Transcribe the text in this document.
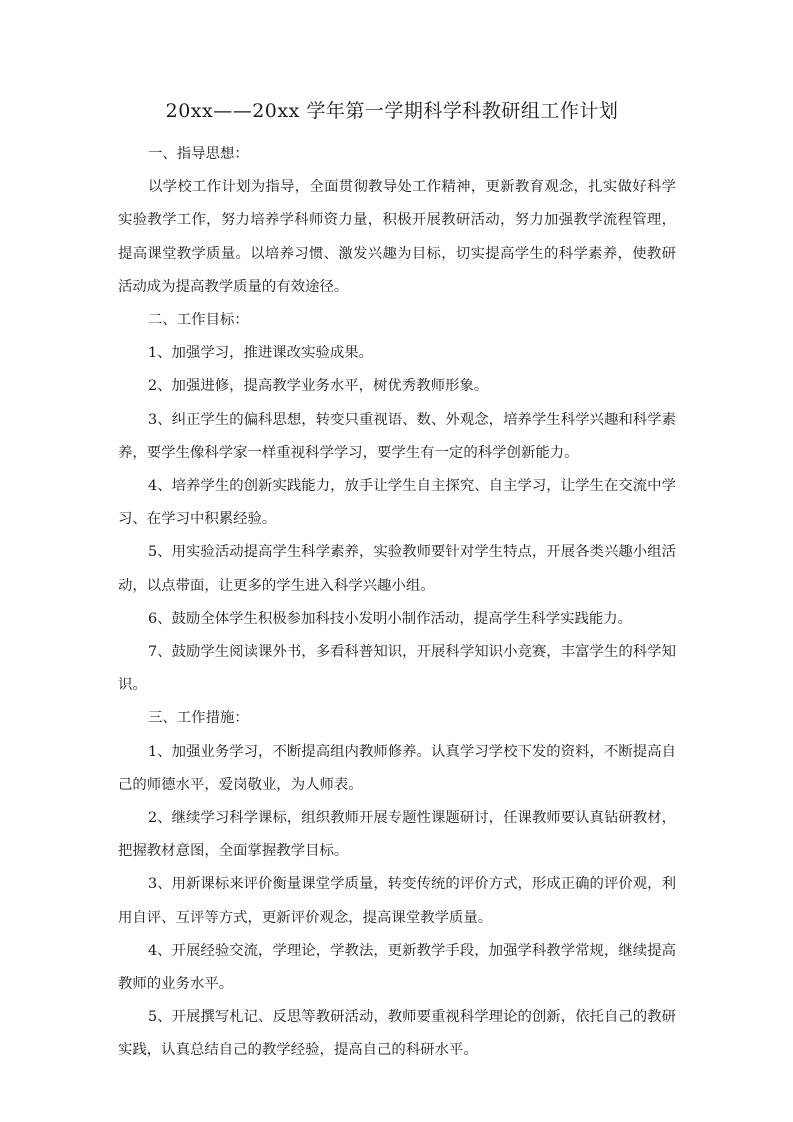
20xx——20xx 学年第一学期科学科教研组工作计划

一、指导思想：

以学校工作计划为指导，全面贯彻教导处工作精神，更新教育观念，扎实做好科学实验教学工作，努力培养学科师资力量，积极开展教研活动，努力加强教学流程管理，提高课堂教学质量。以培养习惯、激发兴趣为目标，切实提高学生的科学素养，使教研活动成为提高教学质量的有效途径。

二、工作目标：

1、加强学习，推进课改实验成果。

2、加强进修，提高教学业务水平，树优秀教师形象。

3、纠正学生的偏科思想，转变只重视语、数、外观念，培养学生科学兴趣和科学素养，要学生像科学家一样重视科学学习，要学生有一定的科学创新能力。

4、培养学生的创新实践能力，放手让学生自主探究、自主学习，让学生在交流中学习、在学习中积累经验。

5、用实验活动提高学生科学素养，实验教师要针对学生特点，开展各类兴趣小组活动，以点带面，让更多的学生进入科学兴趣小组。

6、鼓励全体学生积极参加科技小发明小制作活动，提高学生科学实践能力。

7、鼓励学生阅读课外书，多看科普知识，开展科学知识小竞赛，丰富学生的科学知识。

三、工作措施：

1、加强业务学习，不断提高组内教师修养。认真学习学校下发的资料，不断提高自己的师德水平，爱岗敬业，为人师表。

2、继续学习科学课标，组织教师开展专题性课题研讨，任课教师要认真钻研教材，把握教材意图，全面掌握教学目标。

3、用新课标来评价衡量课堂学质量，转变传统的评价方式，形成正确的评价观，利用自评、互评等方式，更新评价观念，提高课堂教学质量。

4、开展经验交流，学理论，学教法，更新教学手段，加强学科教学常规，继续提高教师的业务水平。

5、开展撰写札记、反思等教研活动，教师要重视科学理论的创新，依托自己的教研实践，认真总结自己的教学经验，提高自己的科研水平。
